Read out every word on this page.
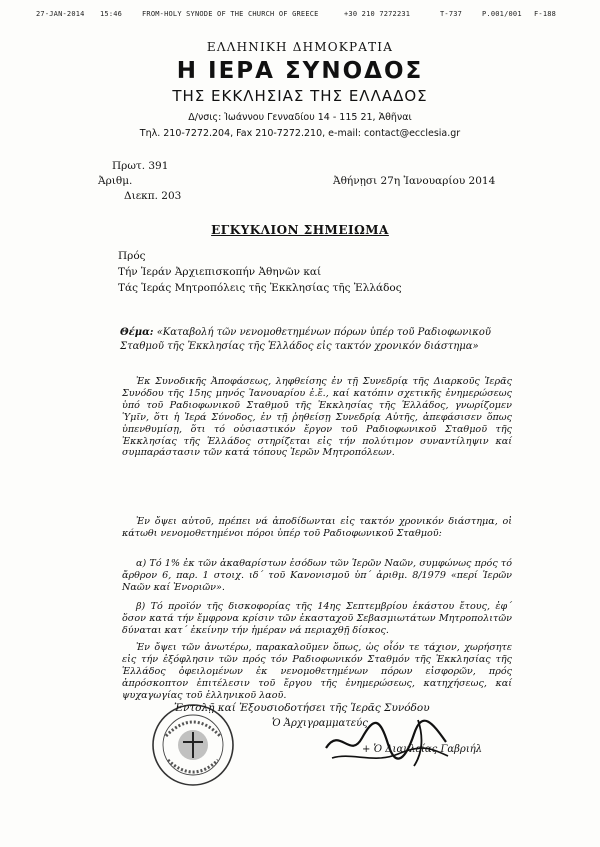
27-JAN-2014 15:46	FROM-HOLY SYNODE OF THE CHURCH OF GREECE	+30 210 7272231	T-737	P.001/001 F-188
ΕΛΛΗΝΙΚΗ ΔΗΜΟΚΡΑΤΙΑ
Η ΙΕΡΑ ΣΥΝΟΔΟΣ
ΤΗΣ ΕΚΚΛΗΣΙΑΣ ΤΗΣ ΕΛΛΑΔΟΣ
Δ/νσις: Ἰωάννου Γενναδίου 14 - 115 21, Ἀθῆναι
Τηλ. 210-7272.204, Fax 210-7272.210, e-mail: contact@ecclesia.gr
Πρωτ. 391
Ἀριθμ.
Διεκπ. 203
Ἀθήνῃσι 27η Ἰανουαρίου 2014
ΕΓΚΥΚΛΙΟΝ ΣΗΜΕΙΩΜΑ
Πρός
Τήν Ἱεράν Ἀρχιεπισκοπήν Ἀθηνῶν καί
Τάς Ἱεράς Μητροπόλεις τῆς Ἐκκλησίας τῆς Ἑλλάδος
Θέμα: «Καταβολή τῶν νενομοθετημένων πόρων ὑπέρ τοῦ Ραδιοφωνικοῦ Σταθμοῦ τῆς Ἐκκλησίας τῆς Ἑλλάδος εἰς τακτόν χρονικόν διάστημα»
Ἐκ Συνοδικῆς Ἀποφάσεως, ληφθείσης ἐν τῇ Συνεδρίᾳ τῆς Διαρκοῦς Ἱερᾶς Συνόδου τῆς 15ης μηνός Ἰανουαρίου ἐ.ἔ., καί κατόπιν σχετικῆς ἐνημερώσεως ὑπό τοῦ Ραδιοφωνικοῦ Σταθμοῦ τῆς Ἐκκλησίας τῆς Ἑλλάδος, γνωρίζομεν Ὑμῖν, ὅτι ἡ Ἱερά Σύνοδος, ἐν τῇ ῥηθείσῃ Συνεδρίᾳ Αὐτῆς, ἀπεφάσισεν ὅπως ὑπενθυμίσῃ, ὅτι τό οὐσιαστικόν ἔργον τοῦ Ραδιοφωνικοῦ Σταθμοῦ τῆς Ἐκκλησίας τῆς Ἑλλάδος στηρίζεται εἰς τήν πολύτιμον συναντίληψιν καί συμπαράστασιν τῶν κατά τόπους Ἱερῶν Μητροπόλεων.
Ἐν ὄψει αὐτοῦ, πρέπει νά ἀποδίδωνται εἰς τακτόν χρονικόν διάστημα, οἱ κάτωθι νενομοθετημένοι πόροι ὑπέρ τοῦ Ραδιοφωνικοῦ Σταθμοῦ:
α) Τό 1% ἐκ τῶν ἀκαθαρίστων ἐσόδων τῶν Ἱερῶν Ναῶν, συμφώνως πρός τό ἄρθρον 6, παρ. 1 στοιχ. ιδ΄ τοῦ Κανονισμοῦ ὑπ΄ ἀριθμ. 8/1979 «περί Ἱερῶν Ναῶν καί Ἐνοριῶν».
β) Τό προϊόν τῆς δισκοφορίας τῆς 14ης Σεπτεμβρίου ἑκάστου ἔτους, ἐφ΄ ὅσον κατά τήν ἔμφρονα κρίσιν τῶν ἑκασταχοῦ Σεβασμιωτάτων Μητροπολιτῶν δύναται κατ΄ ἐκείνην τήν ἡμέραν νά περιαχθῇ δίσκος.
Ἐν ὄψει τῶν ἀνωτέρω, παρακαλοῦμεν ὅπως, ὡς οἷόν τε τάχιον, χωρήσητε εἰς τήν ἐξόφλησιν τῶν πρός τόν Ραδιοφωνικόν Σταθμόν τῆς Ἐκκλησίας τῆς Ἑλλάδος ὀφειλομένων ἐκ νενομοθετημένων πόρων εἰσφορῶν, πρός ἀπρόσκοπτον ἐπιτέλεσιν τοῦ ἔργου τῆς ἐνημερώσεως, κατηχήσεως, καί ψυχαγωγίας τοῦ ἑλληνικοῦ λαοῦ.
Ἐντολῇ καί Ἐξουσιοδοτήσει τῆς Ἱερᾶς Συνόδου
Ὁ Ἀρχιγραμματεύς
+ Ὁ Διαυλείας Γαβριήλ
